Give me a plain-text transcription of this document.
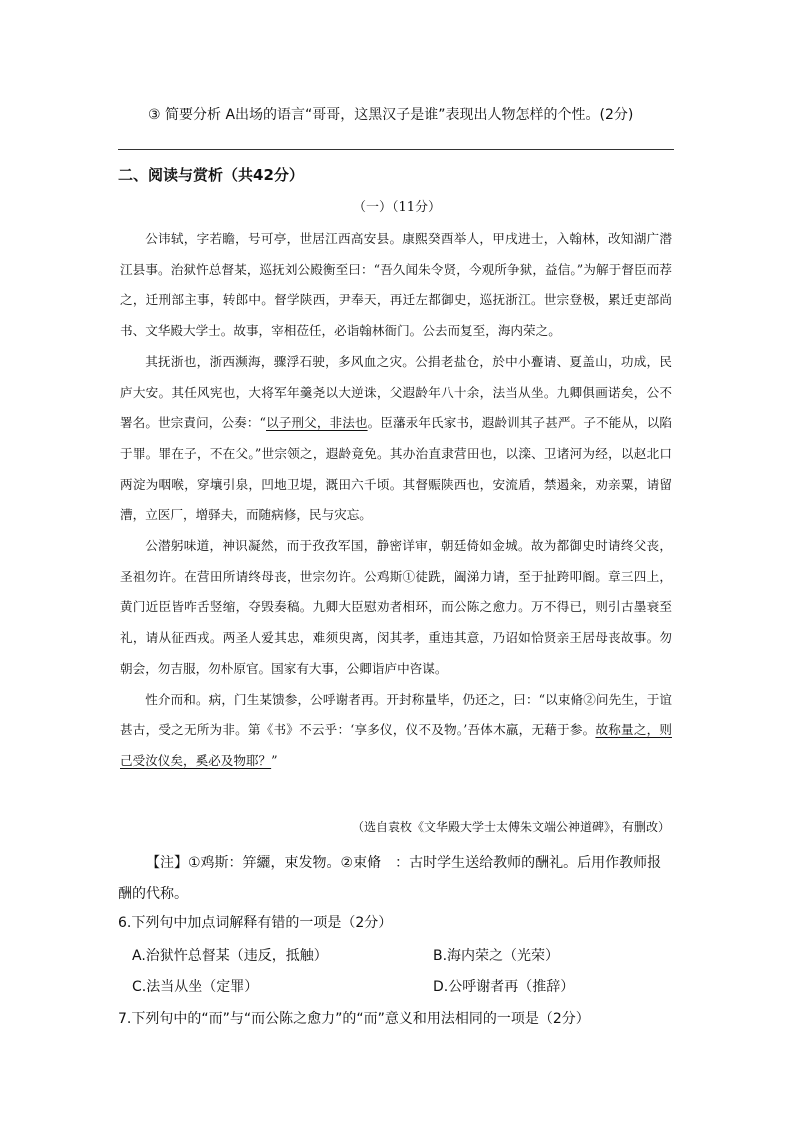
③ 简要分析 A出场的语言“哥哥，这黑汉子是谁”表现出人物怎样的个性。(2分)
二、阅读与赏析（共42分）
（一）（11分）

公讳轼，字若瞻，号可亭，世居江西高安县。康熙癸酉举人，甲戌进士，入翰林，改知湖广潜江县事。治狱忤总督某，巡抚刘公殿衡至曰：“吾久闻朱令贤，今观所争狱，益信。”为解于督臣而荐之，迁刑部主事，转郎中。督学陕西，尹奉天，再迁左都御史，巡抚浙江。世宗登极，累迁吏部尚书、文华殿大学士。故事，宰相莅任，必诣翰林衙门。公去而复至，海内荣之。

其抚浙也，浙西濒海，骤浮石驶，多风血之灾。公捐老盐仓，於中小亹请、夏盖山，功成，民庐大安。其任风宪也，大将军年羹尧以大逆诛，父遐龄年八十余，法当从坐。九卿俱画诺矣，公不署名。世宗責问，公奏：“以子刑父，非法也。臣藩汞年氏家书，遐龄训其子甚严。子不能从，以陷于罪。罪在子，不在父。”世宗领之，遐龄竟免。其办治直隶营田也，以滦、卫诸河为经，以赵北口两淀为咽喉，穿壤引泉，凹地卫堤，溉田六千顷。其督赈陕西也，安流盾，禁遏籴，劝亲粟，请留漕，立医厂，增驿夫，而随病修，民与灾忘。

公潜躬味道，神识凝然，而于孜孜军国，静密详审，朝廷倚如金城。故为都御史时请终父丧，圣祖勿许。在营田所请终母丧，世宗勿许。公鸡斯①徒跣，阖涕力请，至于扯跨叩阍。章三四上，黄门近臣皆咋舌竖缩，夺毁奏稿。九卿大臣慰劝者相环，而公陈之愈力。万不得已，则引古墨衰至礼，请从征西戎。两圣人爱其忠，难须臾离，闵其孝，重违其意，乃诏如恰贤亲王居母丧故事。勿朝会，勿吉服，勿朴原官。国家有大事，公卿诣庐中咨谋。

性介而和。病，门生某馈参，公呼谢者再。开封称量毕，仍还之，曰：“以束脩②问先生，于谊甚古，受之无所为非。第《书》不云乎：‘享多仪，仪不及物。’吾体木羸，无藉于参。故称量之，则己受汝仪矣，奚必及物耶？”

（选自袁枚《文华殿大学士太傅朱文端公神道碑》，有删改）
【注】①鸡斯：笄纚，束发物。②束脩　：古时学生送给教师的酬礼。后用作教师报酬的代称。
6.下列句中加点词解释有错的一项是（2分）
A.治狱忤总督某（违反，抵触）	B.海内荣之（光荣）
C.法当从坐（定罪）	D.公呼谢者再（推辞）
7.下列句中的“而”与“而公陈之愈力”的“而”意义和用法相同的一项是（2分）
